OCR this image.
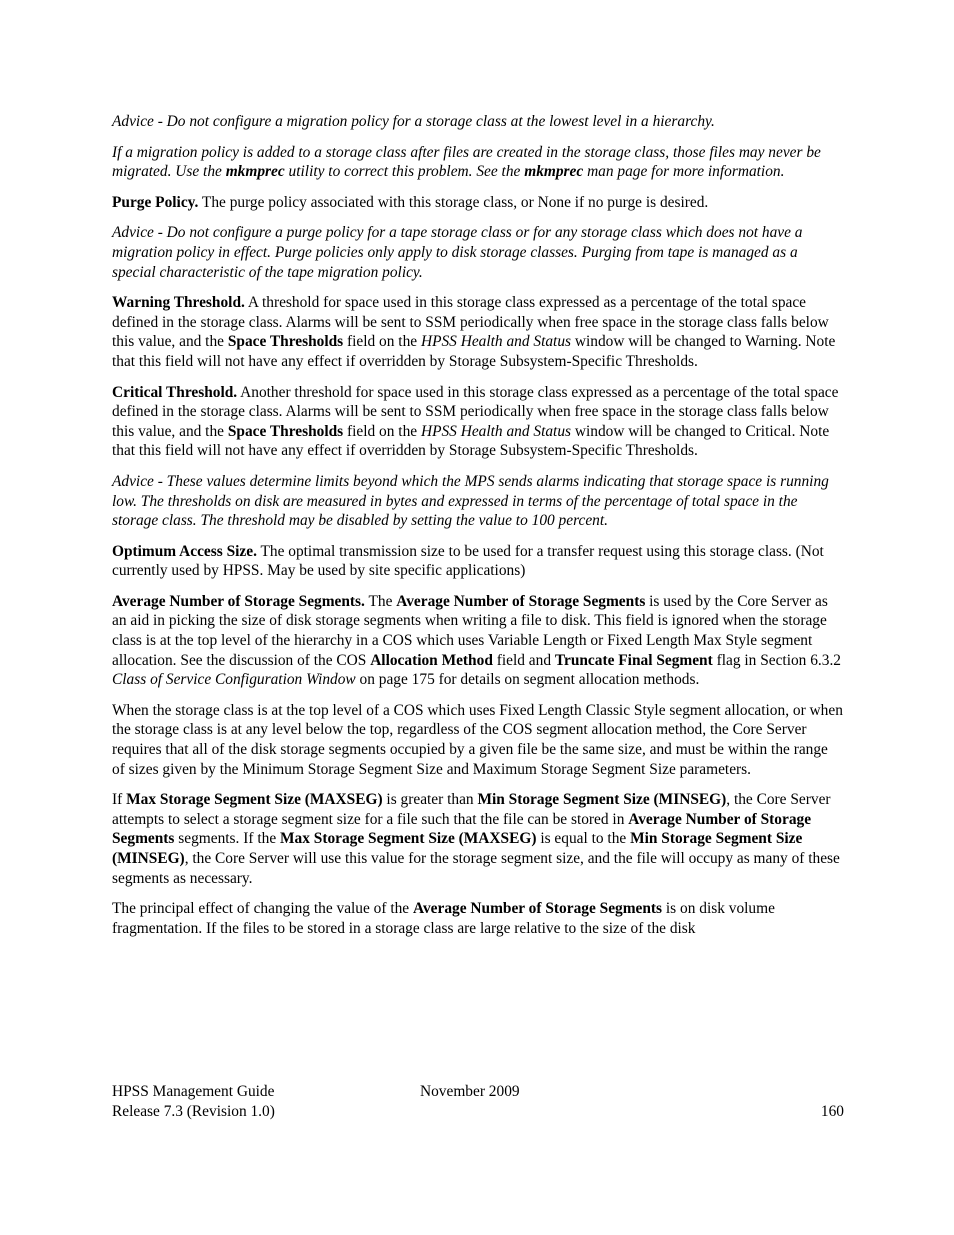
Advice - Do not configure a migration policy for a storage class at the lowest level in a hierarchy.

If a migration policy is added to a storage class after files are created in the storage class, those files may never be migrated. Use the mkmprec utility to correct this problem. See the mkmprec man page for more information.

Purge Policy. The purge policy associated with this storage class, or None if no purge is desired.

Advice - Do not configure a purge policy for a tape storage class or for any storage class which does not have a migration policy in effect. Purge policies only apply to disk storage classes. Purging from tape is managed as a special characteristic of the tape migration policy.

Warning Threshold. A threshold for space used in this storage class expressed as a percentage of the total space defined in the storage class. Alarms will be sent to SSM periodically when free space in the storage class falls below this value, and the Space Thresholds field on the HPSS Health and Status window will be changed to Warning. Note that this field will not have any effect if overridden by Storage Subsystem-Specific Thresholds.

Critical Threshold. Another threshold for space used in this storage class expressed as a percentage of the total space defined in the storage class. Alarms will be sent to SSM periodically when free space in the storage class falls below this value, and the Space Thresholds field on the HPSS Health and Status window will be changed to Critical. Note that this field will not have any effect if overridden by Storage Subsystem-Specific Thresholds.

Advice - These values determine limits beyond which the MPS sends alarms indicating that storage space is running low. The thresholds on disk are measured in bytes and expressed in terms of the percentage of total space in the storage class. The threshold may be disabled by setting the value to 100 percent.

Optimum Access Size. The optimal transmission size to be used for a transfer request using this storage class. (Not currently used by HPSS. May be used by site specific applications)

Average Number of Storage Segments. The Average Number of Storage Segments is used by the Core Server as an aid in picking the size of disk storage segments when writing a file to disk. This field is ignored when the storage class is at the top level of the hierarchy in a COS which uses Variable Length or Fixed Length Max Style segment allocation. See the discussion of the COS Allocation Method field and Truncate Final Segment flag in Section 6.3.2 Class of Service Configuration Window on page 175 for details on segment allocation methods.

When the storage class is at the top level of a COS which uses Fixed Length Classic Style segment allocation, or when the storage class is at any level below the top, regardless of the COS segment allocation method, the Core Server requires that all of the disk storage segments occupied by a given file be the same size, and must be within the range of sizes given by the Minimum Storage Segment Size and Maximum Storage Segment Size parameters.

If Max Storage Segment Size (MAXSEG) is greater than Min Storage Segment Size (MINSEG), the Core Server attempts to select a storage segment size for a file such that the file can be stored in Average Number of Storage Segments segments. If the Max Storage Segment Size (MAXSEG) is equal to the Min Storage Segment Size (MINSEG), the Core Server will use this value for the storage segment size, and the file will occupy as many of these segments as necessary.

The principal effect of changing the value of the Average Number of Storage Segments is on disk volume fragmentation. If the files to be stored in a storage class are large relative to the size of the disk

HPSS Management Guide	November 2009
Release 7.3 (Revision 1.0)	160
